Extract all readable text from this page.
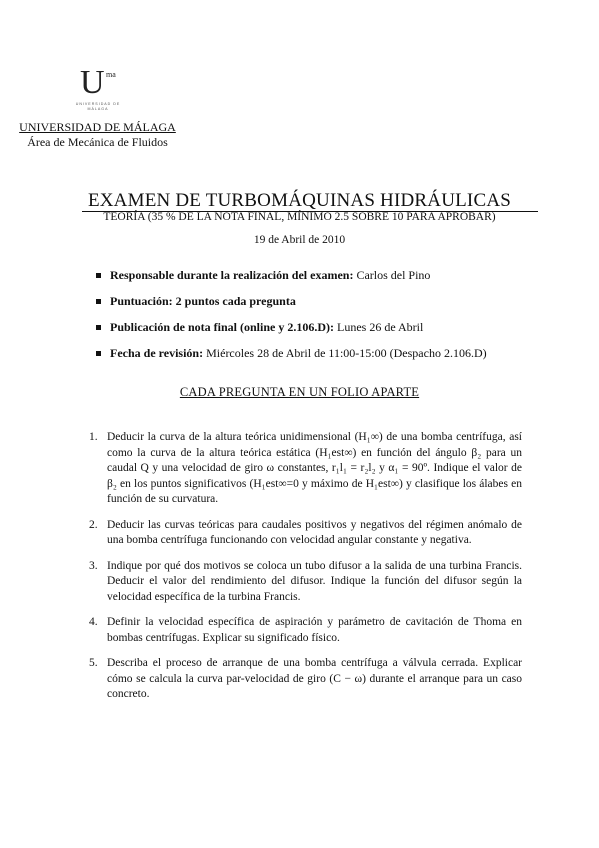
U ma
UNIVERSIDAD DE MÁLAGA
UNIVERSIDAD DE MÁLAGA
Área de Mecánica de Fluidos
EXAMEN DE TURBOMÁQUINAS HIDRÁULICAS
TEORÍA (35 % DE LA NOTA FINAL, MÍNIMO 2.5 SOBRE 10 PARA APROBAR)
19 de Abril de 2010
Responsable durante la realización del examen: Carlos del Pino
Puntuación: 2 puntos cada pregunta
Publicación de nota final (online y 2.106.D): Lunes 26 de Abril
Fecha de revisión: Miércoles 28 de Abril de 11:00-15:00 (Despacho 2.106.D)
CADA PREGUNTA EN UN FOLIO APARTE
1. Deducir la curva de la altura teórica unidimensional (H₁∞) de una bomba centrífuga, así como la curva de la altura teórica estática (H₁est∞) en función del ángulo β₂ para un caudal Q y una velocidad de giro ω constantes, r₁l₁ = r₂l₂ y α₁ = 90º. Indique el valor de β₂ en los puntos significativos (H₁est∞=0 y máximo de H₁est∞) y clasifique los álabes en función de su curvatura.
2. Deducir las curvas teóricas para caudales positivos y negativos del régimen anómalo de una bomba centrífuga funcionando con velocidad angular constante y negativa.
3. Indique por qué dos motivos se coloca un tubo difusor a la salida de una turbina Francis. Deducir el valor del rendimiento del difusor. Indique la función del difusor según la velocidad específica de la turbina Francis.
4. Definir la velocidad específica de aspiración y parámetro de cavitación de Thoma en bombas centrífugas. Explicar su significado físico.
5. Describa el proceso de arranque de una bomba centrífuga a válvula cerrada. Explicar cómo se calcula la curva par-velocidad de giro (C − ω) durante el arranque para un caso concreto.
